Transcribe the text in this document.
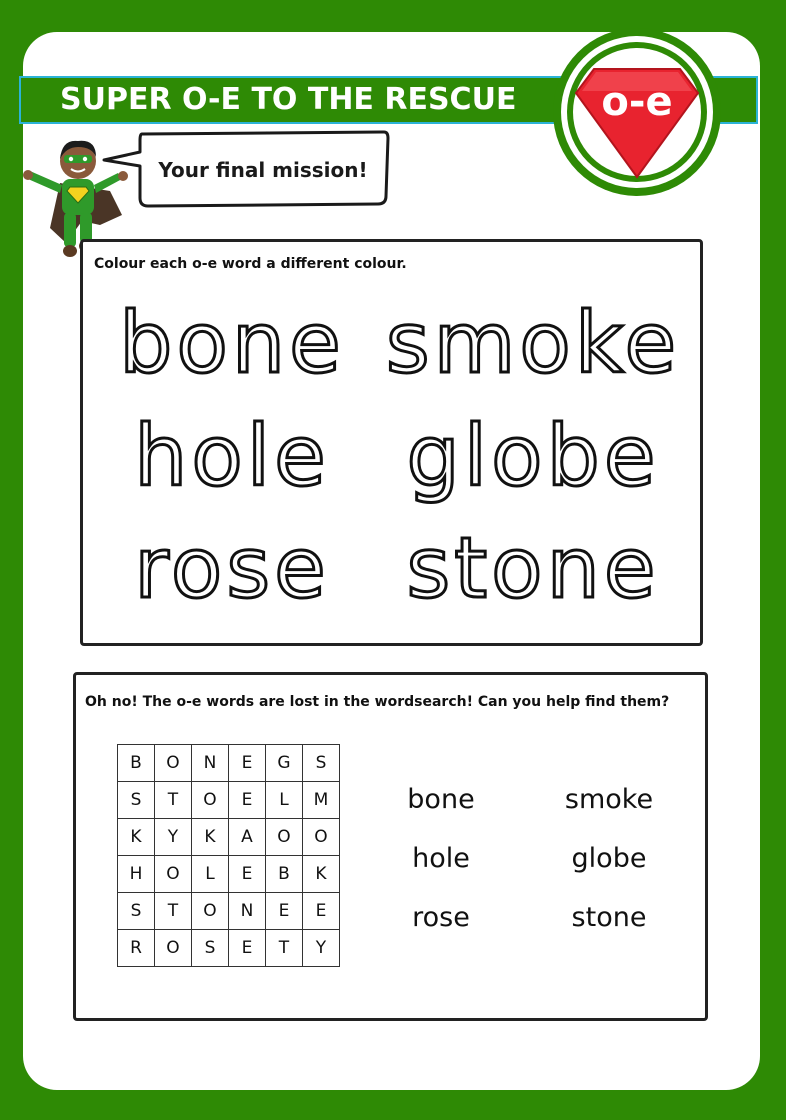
SUPER O-E TO THE RESCUE	o-e
Your final mission!
Colour each o-e word a different colour.
bone smoke
hole globe
rose stone
Oh no! The o-e words are lost in the wordsearch! Can you help find them?
B	O	N	E	G	S
S	T	O	E	L	M
K	Y	K	A	O	O
H	O	L	E	B	K
S	T	O	N	E	E
R	O	S	E	T	Y
bone	smoke
hole	globe
rose	stone
